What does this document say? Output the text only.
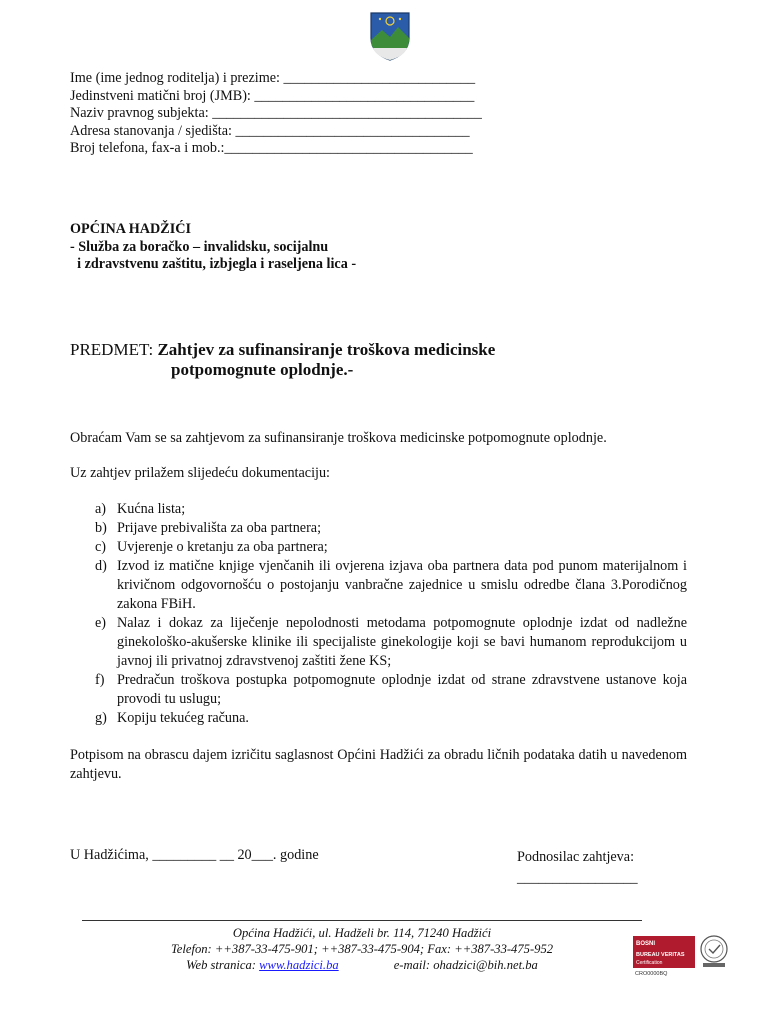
Ime (ime jednog roditelja) i prezime: ___________________________
Jedinstveni matični broj (JMB): _______________________________
Naziv pravnog subjekta: ______________________________________
Adresa stanovanja / sjedišta: _________________________________
Broj telefona, fax-a i mob.:___________________________________
OPĆINA HADŽIĆI
- Služba za boračko – invalidsku, socijalnu
i zdravstvenu zaštitu, izbjegla i raseljena lica -
PREDMET: Zahtjev za sufinansiranje troškova medicinske
potpomognute oplodnje.-
Obraćam Vam se sa zahtjevom za sufinansiranje troškova medicinske potpomognute oplodnje.
Uz zahtjev prilažem slijedeću dokumentaciju:
a) Kućna lista;
b) Prijave prebivališta za oba partnera;
c) Uvjerenje o kretanju za oba partnera;
d) Izvod iz matične knjige vjenčanih ili ovjerena izjava oba partnera data pod punom materijalnom i krivičnom odgovornošću o postojanju vanbračne zajednice u smislu odredbe člana 3.Porodičnog zakona FBiH.
e) Nalaz i dokaz za liječenje nepolodnosti metodama potpomognute oplodnje izdat od nadležne ginekološko-akušerske klinike ili specijaliste ginekologije koji se bavi humanom reprodukcijom u javnoj ili privatnoj zdravstvenoj zaštiti žene KS;
f) Predračun troškova postupka potpomognute oplodnje izdat od strane zdravstvene ustanove koja provodi tu uslugu;
g) Kopiju tekućeg računa.
Potpisom na obrascu dajem izričitu saglasnost Općini Hadžići za obradu ličnih podataka datih u navedenom zahtjevu.
U Hadžićima, _________ __ 20___. godine	Podnosilac zahtjeva:
_________________
Općina Hadžići, ul. Hadželi br. 114, 71240 Hadžići
Telefon: ++387-33-475-901; ++387-33-475-904; Fax: ++387-33-475-952
Web stranica: www.hadzici.ba	e-mail: ohadzici@bih.net.ba
BOSNI
BUREAU VERITAS
Certification
CRO0000BQ
